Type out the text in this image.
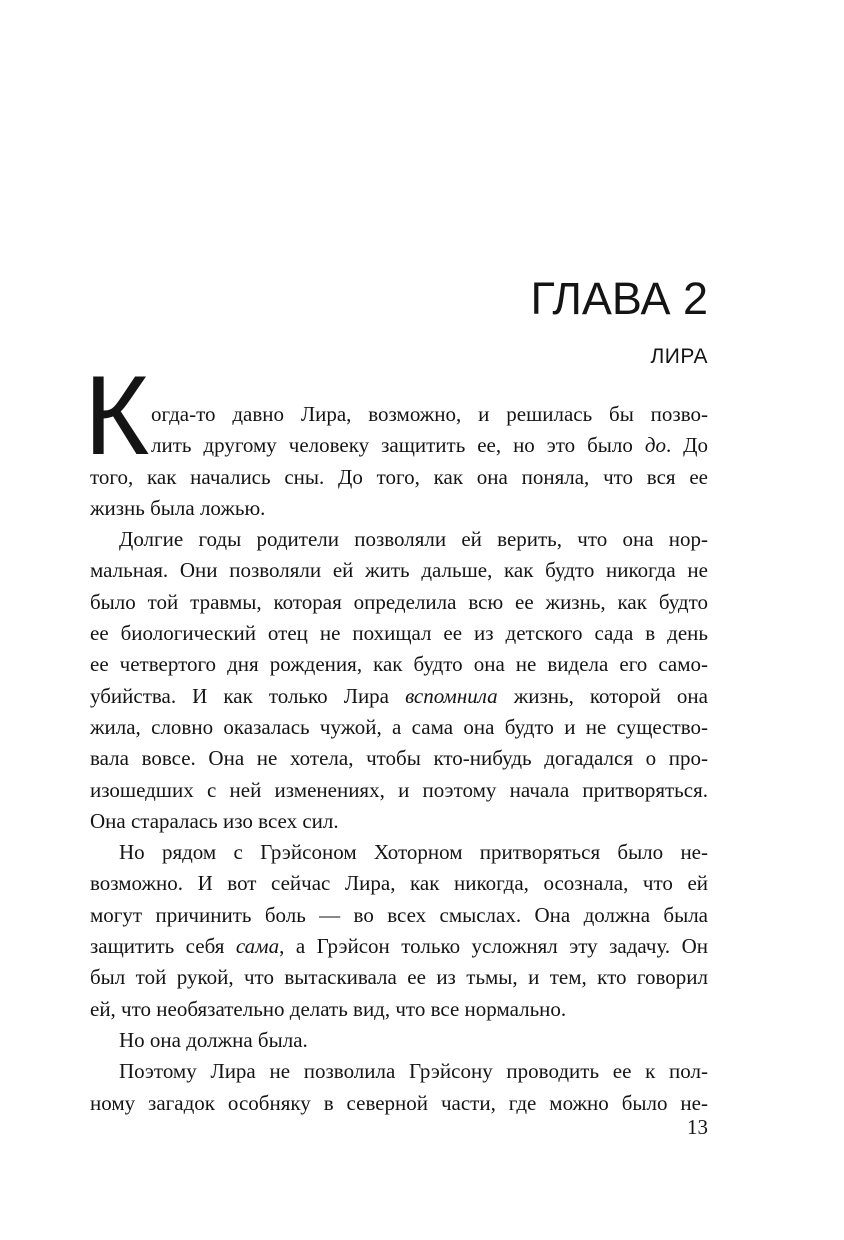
ГЛАВА 2
ЛИРА
К огда-то давно Лира, возможно, и решилась бы позво-
лить другому человеку защитить ее, но это было до. До
того, как начались сны. До того, как она поняла, что вся ее
жизнь была ложью.
Долгие годы родители позволяли ей верить, что она нор-
мальная. Они позволяли ей жить дальше, как будто никогда не
было той травмы, которая определила всю ее жизнь, как будто
ее биологический отец не похищал ее из детского сада в день
ее четвертого дня рождения, как будто она не видела его само-
убийства. И как только Лира вспомнила жизнь, которой она
жила, словно оказалась чужой, а сама она будто и не существо-
вала вовсе. Она не хотела, чтобы кто-нибудь догадался о про-
изошедших с ней изменениях, и поэтому начала притворяться.
Она старалась изо всех сил.
Но рядом с Грэйсоном Хоторном притворяться было не-
возможно. И вот сейчас Лира, как никогда, осознала, что ей
могут причинить боль — во всех смыслах. Она должна была
защитить себя сама, а Грэйсон только усложнял эту задачу. Он
был той рукой, что вытаскивала ее из тьмы, и тем, кто говорил
ей, что необязательно делать вид, что все нормально.
Но она должна была.
Поэтому Лира не позволила Грэйсону проводить ее к пол-
ному загадок особняку в северной части, где можно было не-
13
